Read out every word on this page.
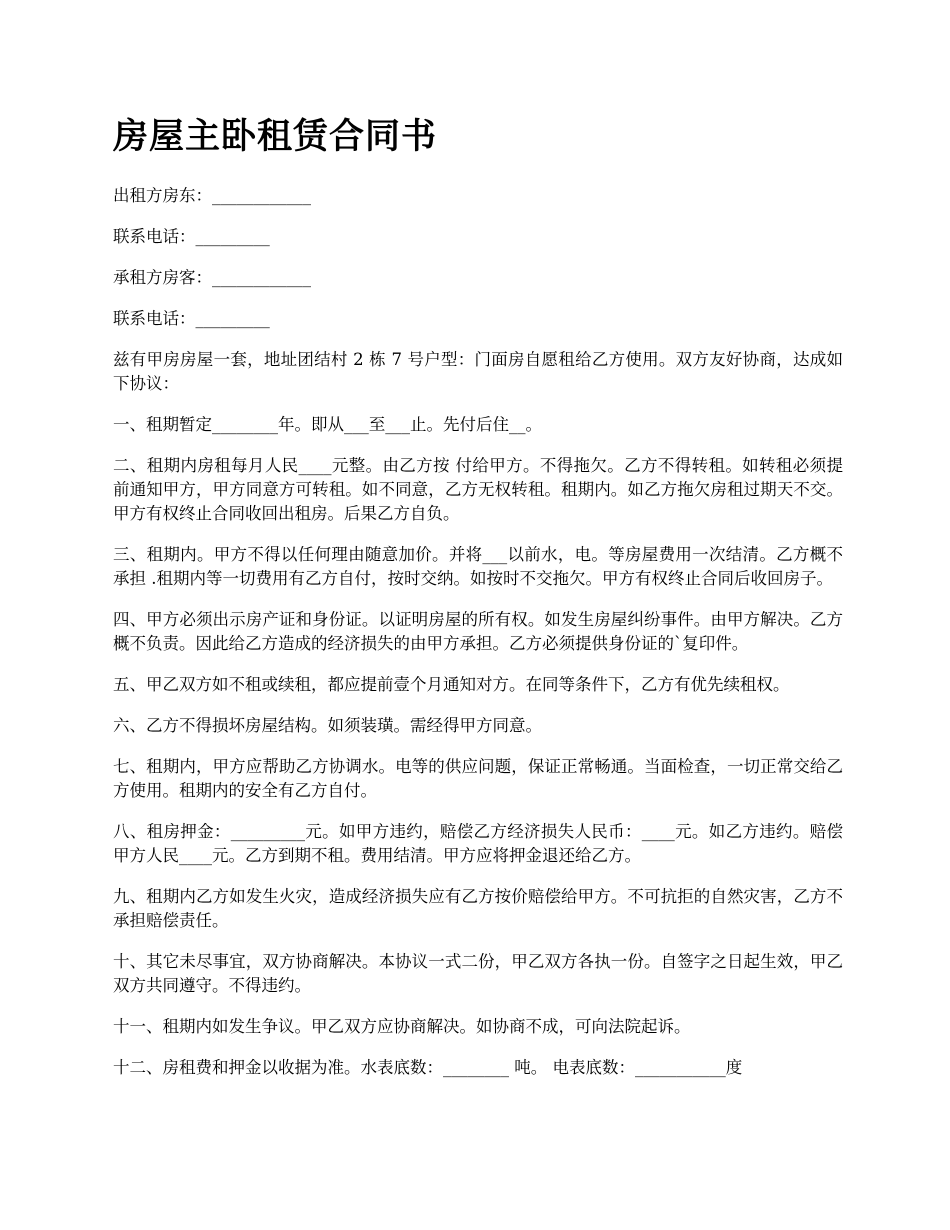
房屋主卧租赁合同书

出租方房东：____________

联系电话：_________

承租方房客：____________

联系电话：_________

兹有甲房房屋一套，地址团结村 2 栋 7 号户型：门面房自愿租给乙方使用。双方友好协商，达成如下协议：

一、租期暂定________年。即从___至___止。先付后住__。

二、租期内房租每月人民____元整。由乙方按 付给甲方。不得拖欠。乙方不得转租。如转租必须提前通知甲方，甲方同意方可转租。如不同意，乙方无权转租。租期内。如乙方拖欠房租过期天不交。甲方有权终止合同收回出租房。后果乙方自负。

三、租期内。甲方不得以任何理由随意加价。并将___以前水，电。等房屋费用一次结清。乙方概不承担 .租期内等一切费用有乙方自付，按时交纳。如按时不交拖欠。甲方有权终止合同后收回房子。

四、甲方必须出示房产证和身份证。以证明房屋的所有权。如发生房屋纠纷事件。由甲方解决。乙方概不负责。因此给乙方造成的经济损失的由甲方承担。乙方必须提供身份证的`复印件。

五、甲乙双方如不租或续租，都应提前壹个月通知对方。在同等条件下，乙方有优先续租权。

六、乙方不得损坏房屋结构。如须装璜。需经得甲方同意。

七、租期内，甲方应帮助乙方协调水。电等的供应问题，保证正常畅通。当面检查，一切正常交给乙方使用。租期内的安全有乙方自付。

八、租房押金：_________元。如甲方违约，赔偿乙方经济损失人民币：____元。如乙方违约。赔偿甲方人民____元。乙方到期不租。费用结清。甲方应将押金退还给乙方。

九、租期内乙方如发生火灾，造成经济损失应有乙方按价赔偿给甲方。不可抗拒的自然灾害，乙方不承担赔偿责任。

十、其它未尽事宜，双方协商解决。本协议一式二份，甲乙双方各执一份。自签字之日起生效，甲乙双方共同遵守。不得违约。

十一、租期内如发生争议。甲乙双方应协商解决。如协商不成，可向法院起诉。

十二、房租费和押金以收据为准。水表底数：________ 吨。 电表底数：___________度
